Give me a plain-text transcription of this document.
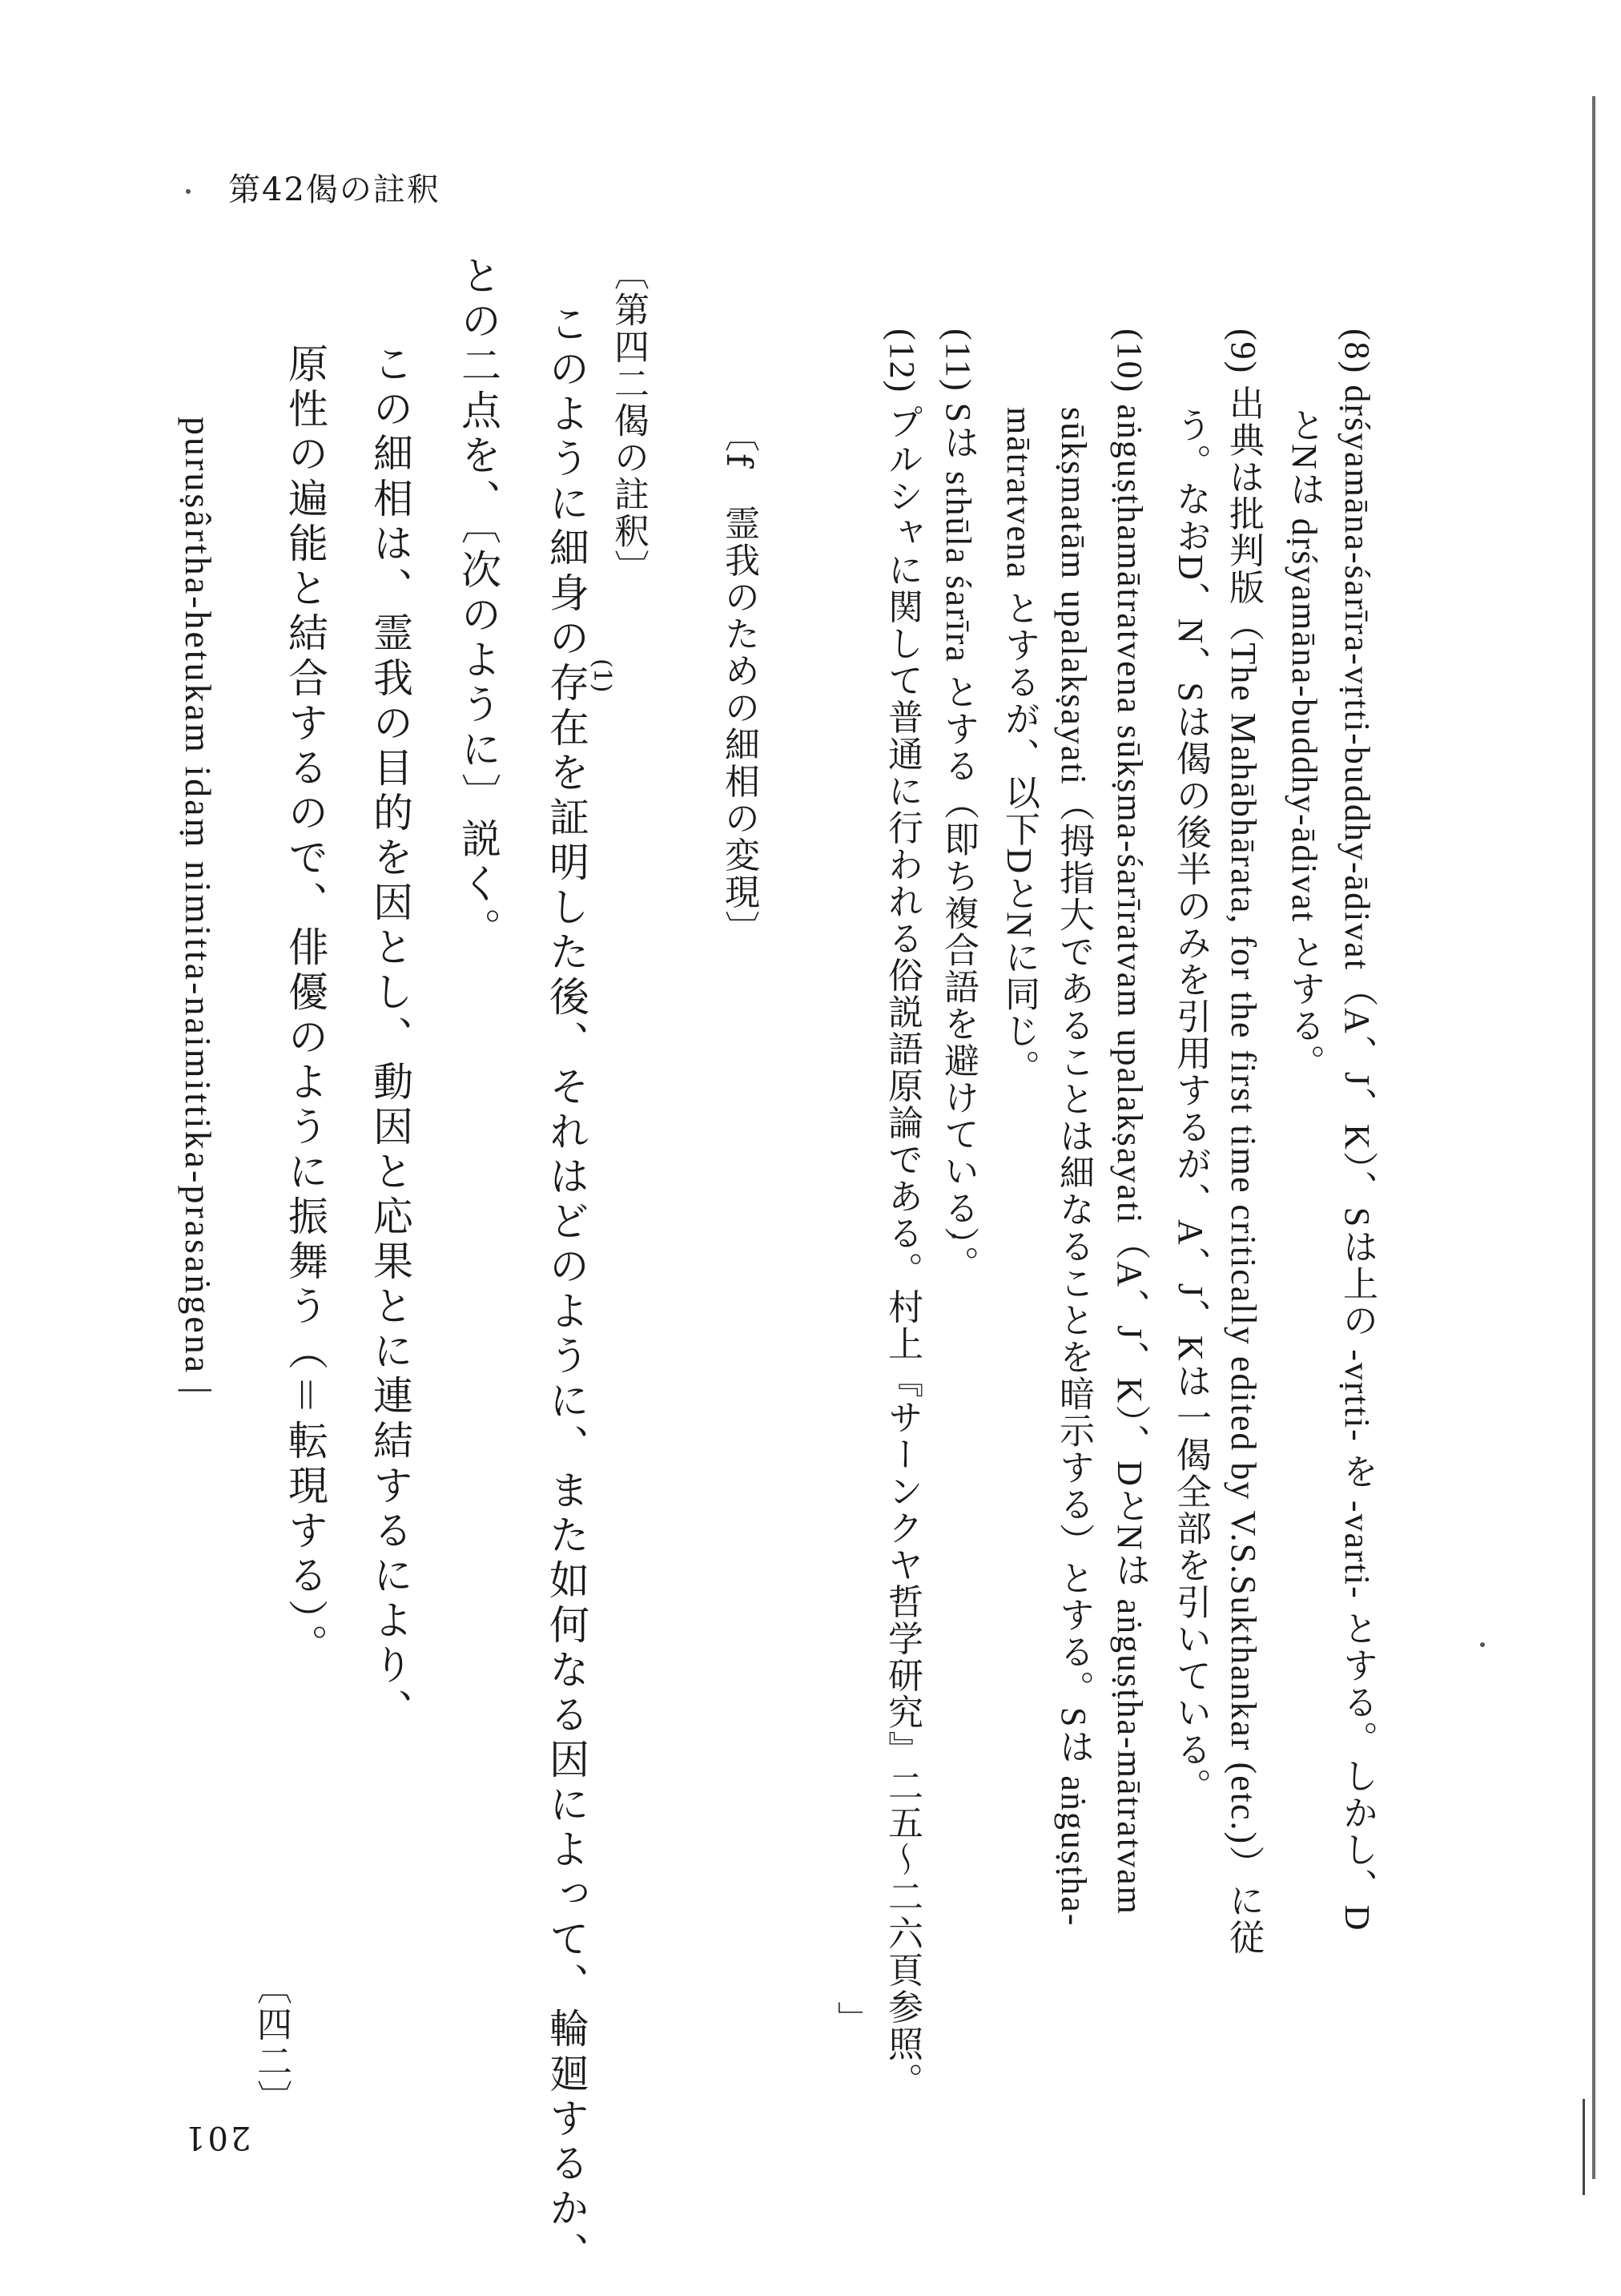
第42偈の註釈
(8) dṛśyamāna-śarīra-vṛtti-buddhy-ādivat（A、J、K）、Sは上の -vṛtti- を -varti- とする。しかし、D
とNは dṛśyamāna-buddhy-ādivat とする。
(9) 出典は批判版（The Mahābhārata, for the first time critically edited by V.S.Sukthankar (etc.)）に従
う。なおD、N、Sは偈の後半のみを引用するが、A、J、Kは一偈全部を引いている。
(10) aṅguṣṭhamātratvena sūkṣma-śarīratvam upalakṣayati（A、J、K）、DとNは aṅguṣṭha-mātratvam
sūkṣmatām upalakṣayati（拇指大であることは細なることを暗示する）とする。Sは aṅguṣṭha-
mātratvena とするが、以下DとNに同じ。
(11) Sは sthūla śarīra とする（即ち複合語を避けている）。
(12) プルシャに関して普通に行われる俗説語原論である。村上『サーンクヤ哲学研究』二五～二六頁参照。
」
〔f　霊我のための細相の変現〕
〔第四二偈の註釈〕
このように細身の存在を証明した後、それはどのように、また如何なる因によって、輪廻するか、
との二点を、〔次のように〕説く。	(1)
〔四二〕
この細相は、霊我の目的を因とし、動因と応果とに連結するにより、
原性の遍能と結合するので、俳優のように振舞う（＝転現する）。
puruṣârtha-hetukam idaṃ nimitta-naimittika-prasaṅgena |
201
